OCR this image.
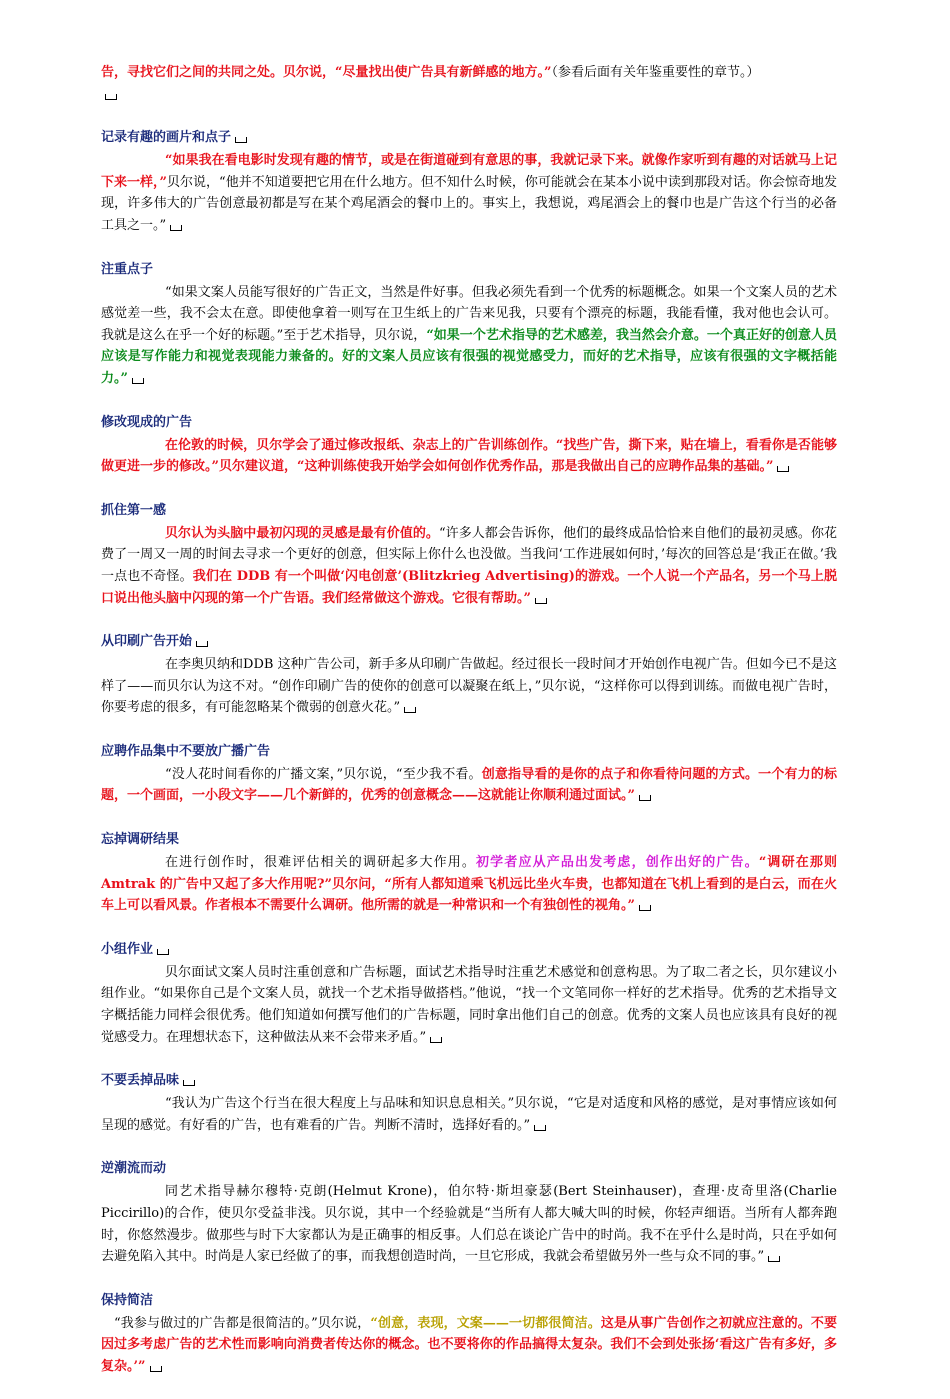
告，寻找它们之间的共同之处。贝尔说，“尽量找出使广告具有新鲜感的地方。”（参看后面有关年鉴重要性的章节。）

记录有趣的画片和点子

“如果我在看电影时发现有趣的情节，或是在街道碰到有意思的事，我就记录下来。就像作家听到有趣的对话就马上记下来一样，”贝尔说，“他并不知道要把它用在什么地方。但不知什么时候，你可能就会在某本小说中读到那段对话。你会惊奇地发现，许多伟大的广告创意最初都是写在某个鸡尾酒会的餐巾上的。事实上，我想说，鸡尾酒会上的餐巾也是广告这个行当的必备工具之一。”

注重点子

“如果文案人员能写很好的广告正文，当然是件好事。但我必须先看到一个优秀的标题概念。如果一个文案人员的艺术感觉差一些，我不会太在意。即使他拿着一则写在卫生纸上的广告来见我，只要有个漂亮的标题，我能看懂，我对他也会认可。我就是这么在乎一个好的标题。”至于艺术指导，贝尔说，“如果一个艺术指导的艺术感差，我当然会介意。一个真正好的创意人员应该是写作能力和视觉表现能力兼备的。好的文案人员应该有很强的视觉感受力，而好的艺术指导，应该有很强的文字概括能力。”

修改现成的广告

在伦敦的时候，贝尔学会了通过修改报纸、杂志上的广告训练创作。“找些广告，撕下来，贴在墙上，看看你是否能够做更进一步的修改。”贝尔建议道，“这种训练使我开始学会如何创作优秀作品，那是我做出自己的应聘作品集的基础。”

抓住第一感

贝尔认为头脑中最初闪现的灵感是最有价值的。“许多人都会告诉你，他们的最终成品恰恰来自他们的最初灵感。你花费了一周又一周的时间去寻求一个更好的创意，但实际上你什么也没做。当我问‘工作进展如何时，’每次的回答总是‘我正在做。’我一点也不奇怪。我们在 DDB 有一个叫做‘闪电创意’(Blitzkrieg Advertising)的游戏。一个人说一个产品名，另一个马上脱口说出他头脑中闪现的第一个广告语。我们经常做这个游戏。它很有帮助。”

从印刷广告开始

在李奥贝纳和DDB 这种广告公司，新手多从印刷广告做起。经过很长一段时间才开始创作电视广告。但如今已不是这样了——而贝尔认为这不对。“创作印刷广告的使你的创意可以凝聚在纸上，”贝尔说，“这样你可以得到训练。而做电视广告时，你要考虑的很多，有可能忽略某个微弱的创意火花。”

应聘作品集中不要放广播广告

“没人花时间看你的广播文案，”贝尔说，“至少我不看。创意指导看的是你的点子和你看待问题的方式。一个有力的标题，一个画面，一小段文字——几个新鲜的，优秀的创意概念——这就能让你顺利通过面试。”

忘掉调研结果

在进行创作时，很难评估相关的调研起多大作用。初学者应从产品出发考虑，创作出好的广告。“调研在那则 Amtrak 的广告中又起了多大作用呢?”贝尔问，“所有人都知道乘飞机远比坐火车贵，也都知道在飞机上看到的是白云，而在火车上可以看风景。作者根本不需要什么调研。他所需的就是一种常识和一个有独创性的视角。”

小组作业

贝尔面试文案人员时注重创意和广告标题，面试艺术指导时注重艺术感觉和创意构思。为了取二者之长，贝尔建议小组作业。“如果你自己是个文案人员，就找一个艺术指导做搭档。”他说，“找一个文笔同你一样好的艺术指导。优秀的艺术指导文字概括能力同样会很优秀。他们知道如何撰写他们的广告标题，同时拿出他们自己的创意。优秀的文案人员也应该具有良好的视觉感受力。在理想状态下，这种做法从来不会带来矛盾。”

不要丢掉品味

“我认为广告这个行当在很大程度上与品味和知识息息相关。”贝尔说，“它是对适度和风格的感觉，是对事情应该如何呈现的感觉。有好看的广告，也有难看的广告。判断不清时，选择好看的。”

逆潮流而动

同艺术指导赫尔穆特·克朗(Helmut Krone)，伯尔特·斯坦豪瑟(Bert Steinhauser)，查理·皮奇里洛(Charlie Piccirillo)的合作，使贝尔受益非浅。贝尔说，其中一个经验就是“当所有人都大喊大叫的时候，你轻声细语。当所有人都奔跑时，你悠然漫步。做那些与时下大家都认为是正确事的相反事。人们总在谈论广告中的时尚。我不在乎什么是时尚，只在乎如何去避免陷入其中。时尚是人家已经做了的事，而我想创造时尚，一旦它形成，我就会希望做另外一些与众不同的事。”

保持简洁

“我参与做过的广告都是很简洁的。”贝尔说，“创意，表现，文案——一切都很简洁。这是从事广告创作之初就应注意的。不要因过多考虑广告的艺术性而影响向消费者传达你的概念。也不要将你的作品搞得太复杂。我们不会到处张扬‘看这广告有多好，多复杂。’”
